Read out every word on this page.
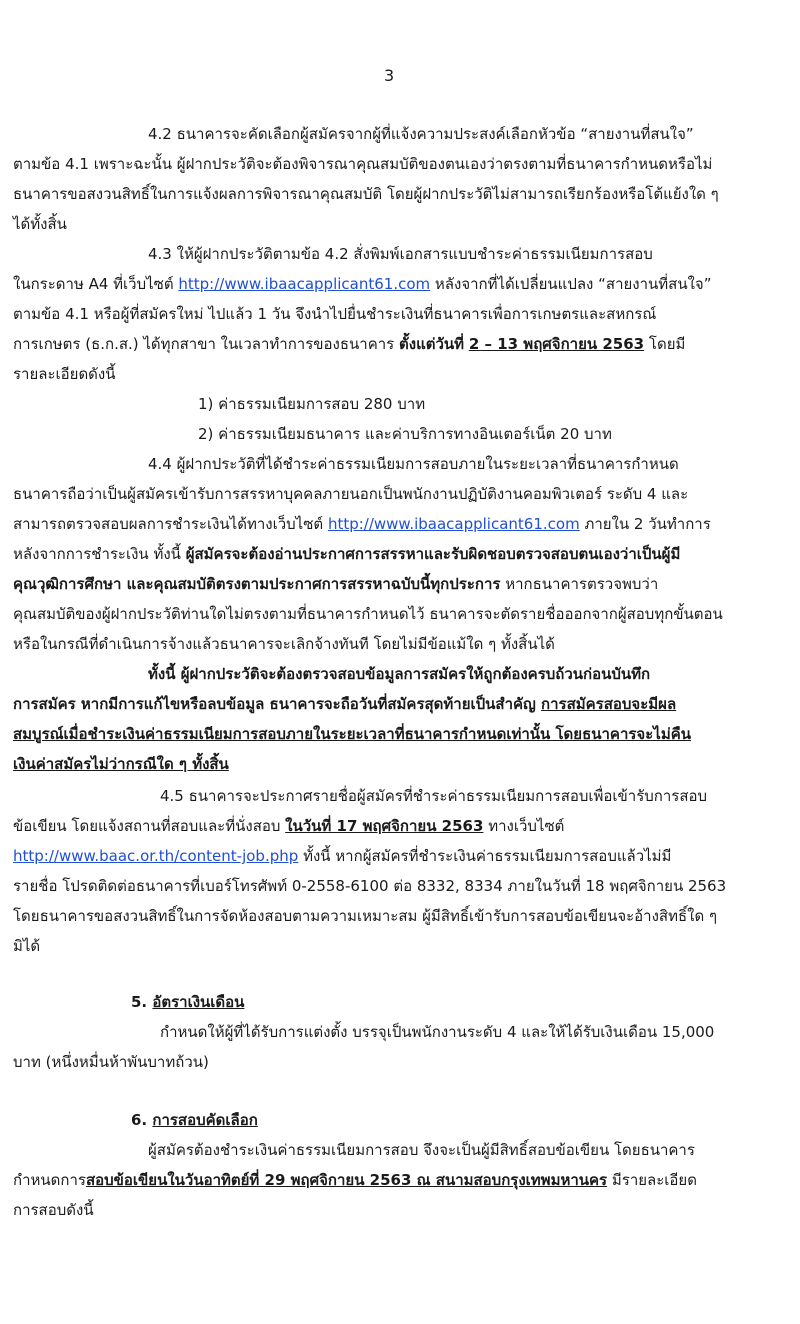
3
4.2 ธนาคารจะคัดเลือกผู้สมัครจากผู้ที่แจ้งความประสงค์เลือกหัวข้อ “สายงานที่สนใจ”
ตามข้อ 4.1 เพราะฉะนั้น ผู้ฝากประวัติจะต้องพิจารณาคุณสมบัติของตนเองว่าตรงตามที่ธนาคารกำหนดหรือไม่
ธนาคารขอสงวนสิทธิ์ในการแจ้งผลการพิจารณาคุณสมบัติ โดยผู้ฝากประวัติไม่สามารถเรียกร้องหรือโต้แย้งใด ๆ
ได้ทั้งสิ้น
4.3 ให้ผู้ฝากประวัติตามข้อ 4.2 สั่งพิมพ์เอกสารแบบชำระค่าธรรมเนียมการสอบ
ในกระดาษ A4 ที่เว็บไซต์ http://www.ibaacapplicant61.com หลังจากที่ได้เปลี่ยนแปลง “สายงานที่สนใจ”
ตามข้อ 4.1 หรือผู้ที่สมัครใหม่ ไปแล้ว 1 วัน จึงนำไปยื่นชำระเงินที่ธนาคารเพื่อการเกษตรและสหกรณ์
การเกษตร (ธ.ก.ส.) ได้ทุกสาขา ในเวลาทำการของธนาคาร ตั้งแต่วันที่ 2 – 13 พฤศจิกายน 2563 โดยมี
รายละเอียดดังนี้
1) ค่าธรรมเนียมการสอบ 280 บาท
2) ค่าธรรมเนียมธนาคาร และค่าบริการทางอินเตอร์เน็ต 20 บาท
4.4 ผู้ฝากประวัติที่ได้ชำระค่าธรรมเนียมการสอบภายในระยะเวลาที่ธนาคารกำหนด
ธนาคารถือว่าเป็นผู้สมัครเข้ารับการสรรหาบุคคลภายนอกเป็นพนักงานปฏิบัติงานคอมพิวเตอร์ ระดับ 4 และ
สามารถตรวจสอบผลการชำระเงินได้ทางเว็บไซต์ http://www.ibaacapplicant61.com ภายใน 2 วันทำการ
หลังจากการชำระเงิน ทั้งนี้ ผู้สมัครจะต้องอ่านประกาศการสรรหาและรับผิดชอบตรวจสอบตนเองว่าเป็นผู้มี
คุณวุฒิการศึกษา และคุณสมบัติตรงตามประกาศการสรรหาฉบับนี้ทุกประการ หากธนาคารตรวจพบว่า
คุณสมบัติของผู้ฝากประวัติท่านใดไม่ตรงตามที่ธนาคารกำหนดไว้ ธนาคารจะตัดรายชื่อออกจากผู้สอบทุกขั้นตอน
หรือในกรณีที่ดำเนินการจ้างแล้วธนาคารจะเลิกจ้างทันที โดยไม่มีข้อแม้ใด ๆ ทั้งสิ้นได้
ทั้งนี้ ผู้ฝากประวัติจะต้องตรวจสอบข้อมูลการสมัครให้ถูกต้องครบถ้วนก่อนบันทึก
การสมัคร หากมีการแก้ไขหรือลบข้อมูล ธนาคารจะถือวันที่สมัครสุดท้ายเป็นสำคัญ การสมัครสอบจะมีผล
สมบูรณ์เมื่อชำระเงินค่าธรรมเนียมการสอบภายในระยะเวลาที่ธนาคารกำหนดเท่านั้น โดยธนาคารจะไม่คืน
เงินค่าสมัครไม่ว่ากรณีใด ๆ ทั้งสิ้น
4.5 ธนาคารจะประกาศรายชื่อผู้สมัครที่ชำระค่าธรรมเนียมการสอบเพื่อเข้ารับการสอบ
ข้อเขียน โดยแจ้งสถานที่สอบและที่นั่งสอบ ในวันที่ 17 พฤศจิกายน 2563 ทางเว็บไซต์
http://www.baac.or.th/content-job.php ทั้งนี้ หากผู้สมัครที่ชำระเงินค่าธรรมเนียมการสอบแล้วไม่มี
รายชื่อ โปรดติดต่อธนาคารที่เบอร์โทรศัพท์ 0-2558-6100 ต่อ 8332, 8334 ภายในวันที่ 18 พฤศจิกายน 2563
โดยธนาคารขอสงวนสิทธิ์ในการจัดห้องสอบตามความเหมาะสม ผู้มีสิทธิ์เข้ารับการสอบข้อเขียนจะอ้างสิทธิ์ใด ๆ
มิได้
5. อัตราเงินเดือน
กำหนดให้ผู้ที่ได้รับการแต่งตั้ง บรรจุเป็นพนักงานระดับ 4 และให้ได้รับเงินเดือน 15,000
บาท (หนึ่งหมื่นห้าพันบาทถ้วน)
6. การสอบคัดเลือก
ผู้สมัครต้องชำระเงินค่าธรรมเนียมการสอบ จึงจะเป็นผู้มีสิทธิ์สอบข้อเขียน โดยธนาคาร
กำหนดการสอบข้อเขียนในวันอาทิตย์ที่ 29 พฤศจิกายน 2563 ณ สนามสอบกรุงเทพมหานคร มีรายละเอียด
การสอบดังนี้
